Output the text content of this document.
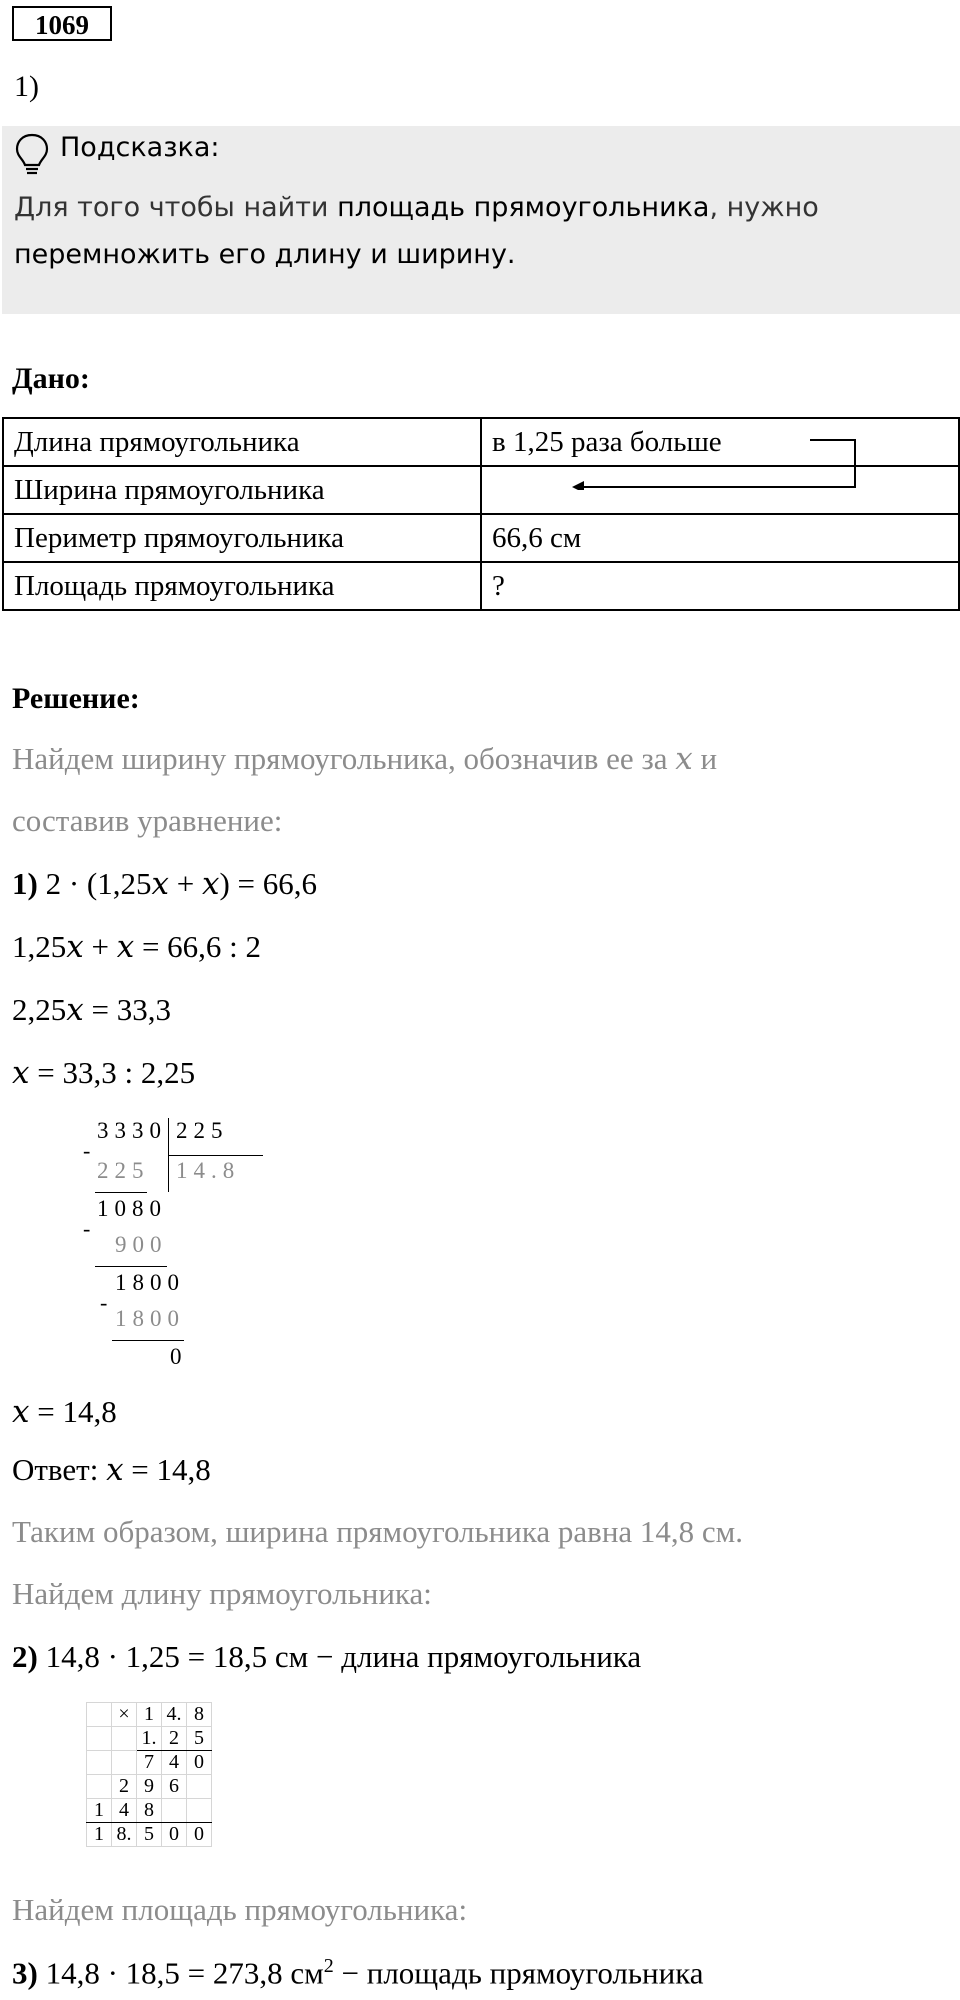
1069
1)
Подсказка:
Для того чтобы найти площадь прямоугольника, нужно перемножить его длину и ширину.
Дано:
Длина прямоугольника	в 1,25 раза больше
Ширина прямоугольника	
Периметр прямоугольника	66,6 см
Площадь прямоугольника	?
Решение:
Найдем ширину прямоугольника, обозначив ее за x и
составив уравнение:
1) 2 · (1,25x + x) = 66,6
1,25x + x = 66,6 : 2
2,25x = 33,3
x = 33,3 : 2,25
3330 225
14.8
-
225
1080
-
900
1800
-
1800
0
x = 14,8
Ответ: x = 14,8
Таким образом, ширина прямоугольника равна 14,8 см.
Найдем длину прямоугольника:
2) 14,8 · 1,25 = 18,5 см − длина прямоугольника
	×	1	4.	8
		1.	2	5
		7	4	0
	2	9	6	
1	4	8		
1	8.	5	0	0
Найдем площадь прямоугольника:
3) 14,8 · 18,5 = 273,8 $см^2$ − площадь прямоугольника
